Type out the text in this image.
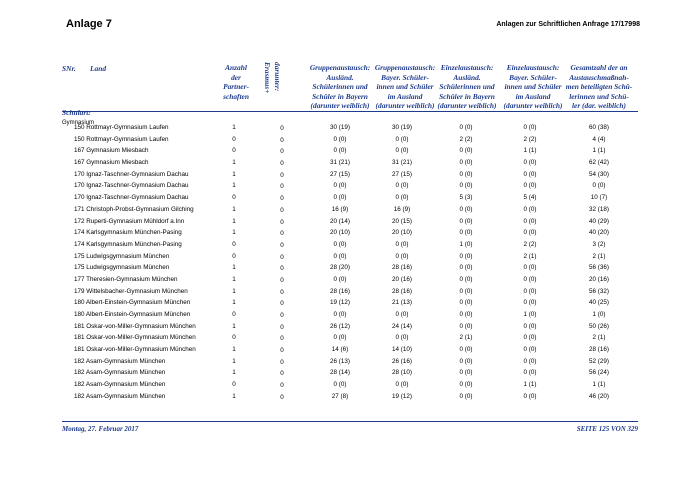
Anlage 7	Anlagen zur Schriftlichen Anfrage 17/17998
SNr. Land

Schulart:
Gymnasium

Anzahl
der
Partner-
schaften
darunter:
Erasmus+	Gruppenaustausch:
Ausländ.
Schülerinnen und
Schüler in Bayern
(darunter weiblich)
Gruppenaustausch:
Bayer. Schüler-
innen und Schüler
im Ausland
(darunter weiblich)
Einzelaustausch:
Ausländ.
Schülerinnen und
Schüler in Bayern
(darunter weiblich)
Einzelaustausch:
Bayer. Schüler-
innen und Schüler
im Ausland
(darunter weiblich)
Gesamtzahl der an
Austauschmaßnah-
men beteiligten Schü-
lerinnen und Schü-
ler (dar. weiblich)
150 Rottmayr-Gymnasium Laufen	1	0	30 (19)	30 (19)	0 (0)	0 (0)	60 (38)
150 Rottmayr-Gymnasium Laufen	0	0	0 (0)	0 (0)	2 (2)	2 (2)	4 (4)
167 Gymnasium Miesbach	0	0	0 (0)	0 (0)	0 (0)	1 (1)	1 (1)
167 Gymnasium Miesbach	1	0	31 (21)	31 (21)	0 (0)	0 (0)	62 (42)
170 Ignaz-Taschner-Gymnasium Dachau	1	0	27 (15)	27 (15)	0 (0)	0 (0)	54 (30)
170 Ignaz-Taschner-Gymnasium Dachau	1	0	0 (0)	0 (0)	0 (0)	0 (0)	0 (0)
170 Ignaz-Taschner-Gymnasium Dachau	0	0	0 (0)	0 (0)	5 (3)	5 (4)	10 (7)
171 Christoph-Probst-Gymnasium Gilching	1	0	16 (9)	16 (9)	0 (0)	0 (0)	32 (18)
172 Ruperti-Gymnasium Mühldorf a.Inn	1	0	20 (14)	20 (15)	0 (0)	0 (0)	40 (29)
174 Karlsgymnasium München-Pasing	1	0	20 (10)	20 (10)	0 (0)	0 (0)	40 (20)
174 Karlsgymnasium München-Pasing	0	0	0 (0)	0 (0)	1 (0)	2 (2)	3 (2)
175 Ludwigsgymnasium München	0	0	0 (0)	0 (0)	0 (0)	2 (1)	2 (1)
175 Ludwigsgymnasium München	1	0	28 (20)	28 (16)	0 (0)	0 (0)	56 (36)
177 Theresien-Gymnasium München	1	0	0 (0)	20 (16)	0 (0)	0 (0)	20 (16)
179 Wittelsbacher-Gymnasium München	1	0	28 (16)	28 (16)	0 (0)	0 (0)	56 (32)
180 Albert-Einstein-Gymnasium München	1	0	19 (12)	21 (13)	0 (0)	0 (0)	40 (25)
180 Albert-Einstein-Gymnasium München	0	0	0 (0)	0 (0)	0 (0)	1 (0)	1 (0)
181 Oskar-von-Miller-Gymnasium München	1	0	26 (12)	24 (14)	0 (0)	0 (0)	50 (26)
181 Oskar-von-Miller-Gymnasium München	0	0	0 (0)	0 (0)	2 (1)	0 (0)	2 (1)
181 Oskar-von-Miller-Gymnasium München	1	0	14 (6)	14 (10)	0 (0)	0 (0)	28 (16)
182 Asam-Gymnasium München	1	0	26 (13)	26 (16)	0 (0)	0 (0)	52 (29)
182 Asam-Gymnasium München	1	0	28 (14)	28 (10)	0 (0)	0 (0)	56 (24)
182 Asam-Gymnasium München	0	0	0 (0)	0 (0)	0 (0)	1 (1)	1 (1)
182 Asam-Gymnasium München	1	0	27 (8)	19 (12)	0 (0)	0 (0)	46 (20)
Montag, 27. Februar 2017	SEITE 125 VON 329
